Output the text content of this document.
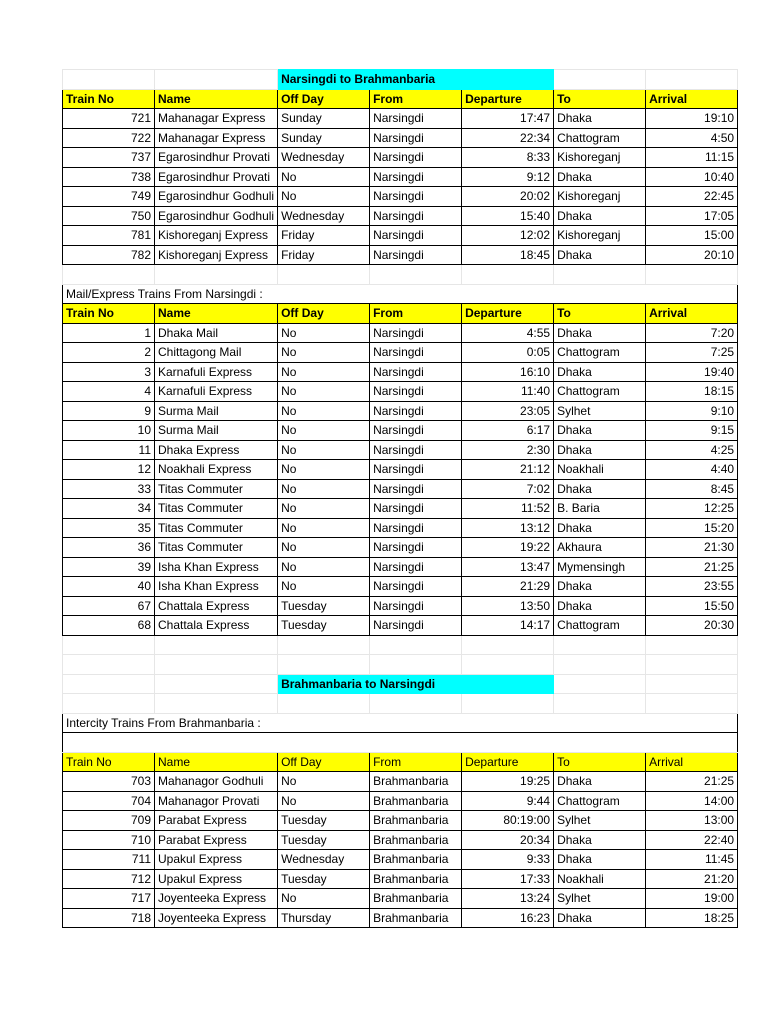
		Narsingdi to Brahmanbaria				
Train No	Name	Off Day	From	Departure	To	Arrival
721	Mahanagar Express	Sunday	Narsingdi	17:47	Dhaka	19:10
722	Mahanagar Express	Sunday	Narsingdi	22:34	Chattogram	4:50
737	Egarosindhur Provati	Wednesday	Narsingdi	8:33	Kishoreganj	11:15
738	Egarosindhur Provati	No	Narsingdi	9:12	Dhaka	10:40
749	Egarosindhur Godhuli	No	Narsingdi	20:02	Kishoreganj	22:45
750	Egarosindhur Godhuli	Wednesday	Narsingdi	15:40	Dhaka	17:05
781	Kishoreganj Express	Friday	Narsingdi	12:02	Kishoreganj	15:00
782	Kishoreganj Express	Friday	Narsingdi	18:45	Dhaka	20:10

Mail/Express Trains From Narsingdi :						
Train No	Name	Off Day	From	Departure	To	Arrival
1	Dhaka Mail	No	Narsingdi	4:55	Dhaka	7:20
2	Chittagong Mail	No	Narsingdi	0:05	Chattogram	7:25
3	Karnafuli Express	No	Narsingdi	16:10	Dhaka	19:40
4	Karnafuli Express	No	Narsingdi	11:40	Chattogram	18:15
9	Surma Mail	No	Narsingdi	23:05	Sylhet	9:10
10	Surma Mail	No	Narsingdi	6:17	Dhaka	9:15
11	Dhaka Express	No	Narsingdi	2:30	Dhaka	4:25
12	Noakhali Express	No	Narsingdi	21:12	Noakhali	4:40
33	Titas Commuter	No	Narsingdi	7:02	Dhaka	8:45
34	Titas Commuter	No	Narsingdi	11:52	B. Baria	12:25
35	Titas Commuter	No	Narsingdi	13:12	Dhaka	15:20
36	Titas Commuter	No	Narsingdi	19:22	Akhaura	21:30
39	Isha Khan Express	No	Narsingdi	13:47	Mymensingh	21:25
40	Isha Khan Express	No	Narsingdi	21:29	Dhaka	23:55
67	Chattala Express	Tuesday	Narsingdi	13:50	Dhaka	15:50
68	Chattala Express	Tuesday	Narsingdi	14:17	Chattogram	20:30

		Brahmanbaria to Narsingdi				

Intercity Trains From Brahmanbaria :						

Train No	Name	Off Day	From	Departure	To	Arrival
703	Mahanagor Godhuli	No	Brahmanbaria	19:25	Dhaka	21:25
704	Mahanagor Provati	No	Brahmanbaria	9:44	Chattogram	14:00
709	Parabat Express	Tuesday	Brahmanbaria	80:19:00	Sylhet	13:00
710	Parabat Express	Tuesday	Brahmanbaria	20:34	Dhaka	22:40
711	Upakul Express	Wednesday	Brahmanbaria	9:33	Dhaka	11:45
712	Upakul Express	Tuesday	Brahmanbaria	17:33	Noakhali	21:20
717	Joyenteeka Express	No	Brahmanbaria	13:24	Sylhet	19:00
718	Joyenteeka Express	Thursday	Brahmanbaria	16:23	Dhaka	18:25
